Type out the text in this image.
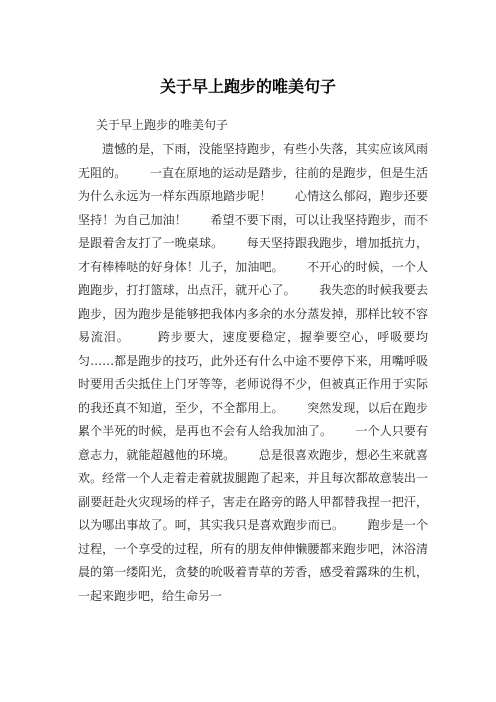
关于早上跑步的唯美句子

关于早上跑步的唯美句子

遗憾的是，下雨，没能坚持跑步，有些小失落，其实应该风雨无阻的。      一直在原地的运动是踏步，往前的是跑步，但是生活为什么永远为一样东西原地踏步呢！      心情这么郁闷，跑步还要坚持！为自己加油！      希望不要下雨，可以让我坚持跑步，而不是跟着舍友打了一晚桌球。      每天坚持跟我跑步，增加抵抗力，才有棒棒哒的好身体！儿子，加油吧。      不开心的时候，一个人跑跑步，打打篮球，出点汗，就开心了。      我失恋的时候我要去跑步，因为跑步是能够把我体内多余的水分蒸发掉，那样比较不容易流泪。      跨步要大，速度要稳定，握拳要空心，呼吸要均匀……都是跑步的技巧，此外还有什么中途不要停下来，用嘴呼吸时要用舌尖抵住上门牙等等，老师说得不少，但被真正作用于实际的我还真不知道，至少，不全都用上。      突然发现，以后在跑步累个半死的时候，是再也不会有人给我加油了。      一个人只要有意志力，就能超越他的环境。      总是很喜欢跑步，想必生来就喜欢。经常一个人走着走着就拔腿跑了起来，并且每次都故意装出一副要赶赴火灾现场的样子，害走在路旁的路人甲都替我捏一把汗，以为哪出事故了。呵，其实我只是喜欢跑步而已。      跑步是一个过程，一个享受的过程，所有的朋友伸伸懒腰都来跑步吧，沐浴清晨的第一缕阳光，贪婪的吮吸着青草的芳香，感受着露珠的生机，一起来跑步吧，给生命另一
